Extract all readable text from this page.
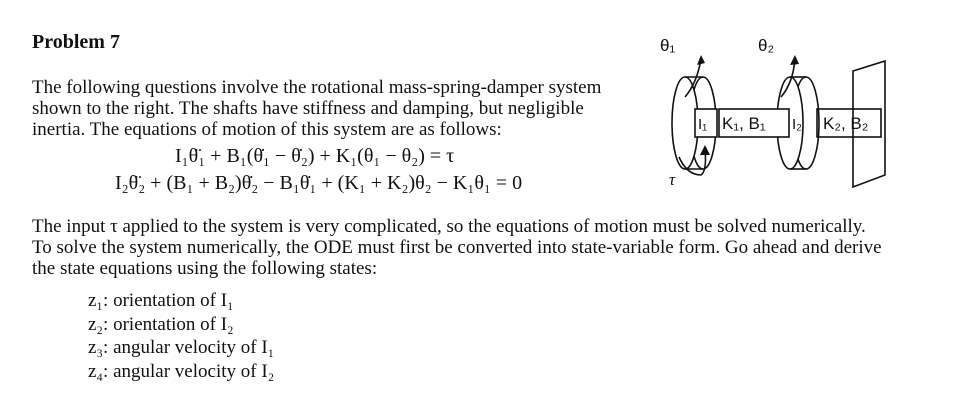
Problem 7
The following questions involve the rotational mass-spring-damper system
shown to the right. The shafts have stiffness and damping, but negligible
inertia. The equations of motion of this system are as follows:
I₁θ̈₁ + B₁(θ̇₁ − θ̇₂) + K₁(θ₁ − θ₂) = τ
I₂θ̈₂ + (B₁ + B₂)θ̇₂ − B₁θ̇₁ + (K₁ + K₂)θ₂ − K₁θ₁ = 0
The input τ applied to the system is very complicated, so the equations of motion must be solved numerically.
To solve the system numerically, the ODE must first be converted into state-variable form. Go ahead and derive
the state equations using the following states:
z₁: orientation of I₁
z₂: orientation of I₂
z₃: angular velocity of I₁
z₄: angular velocity of I₂
θ₁	θ₂
I₁ K₁, B₁ I₂ K₂, B₂
τ
